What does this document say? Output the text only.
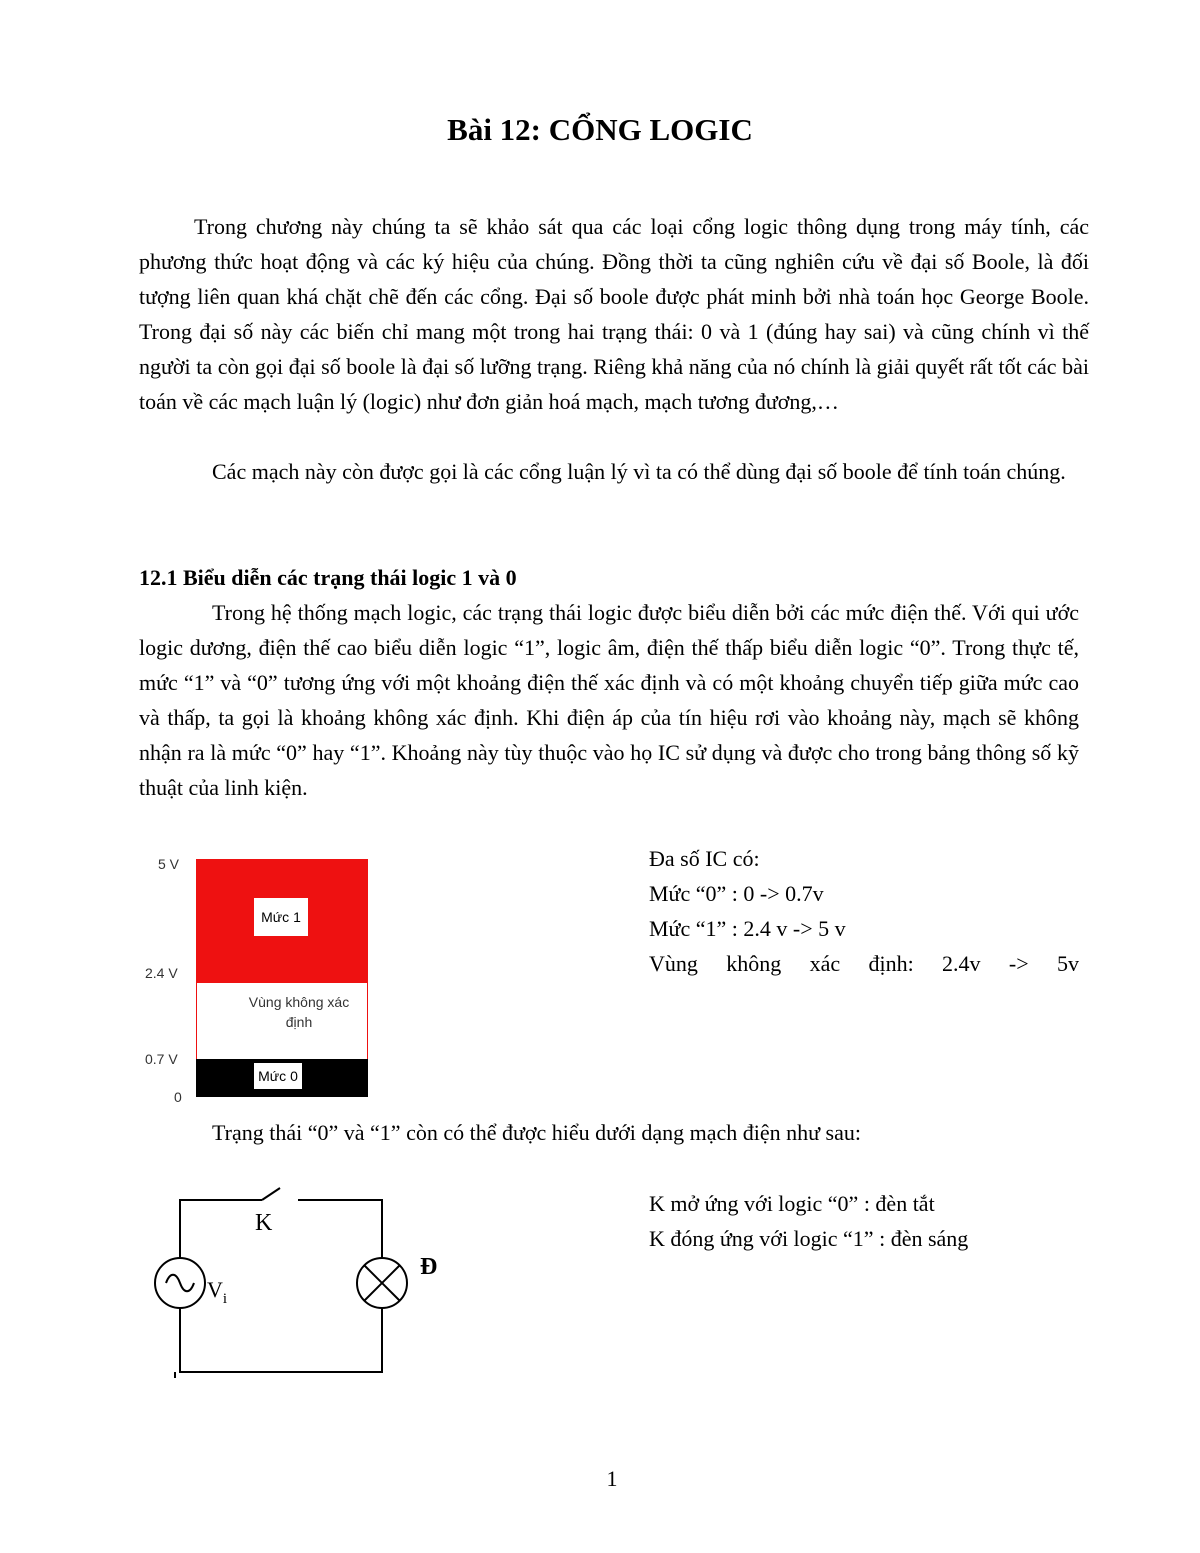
Bài 12: CỔNG LOGIC

Trong chương này chúng ta sẽ khảo sát qua các loại cổng logic thông dụng trong máy tính, các phương thức hoạt động và các ký hiệu của chúng. Đồng thời ta cũng nghiên cứu về đại số Boole, là đối tượng liên quan khá chặt chẽ đến các cổng. Đại số boole được phát minh bởi nhà toán học George Boole. Trong đại số này các biến chỉ mang một trong hai trạng thái: 0 và 1 (đúng hay sai) và cũng chính vì thế người ta còn gọi đại số boole là đại số lưỡng trạng. Riêng khả năng của nó chính là giải quyết rất tốt các bài toán về các mạch luận lý (logic) như đơn giản hoá mạch, mạch tương đương,…

Các mạch này còn được gọi là các cổng luận lý vì ta có thể dùng đại số boole để tính toán chúng.

12.1 Biểu diễn các trạng thái logic 1 và 0

Trong hệ thống mạch logic, các trạng thái logic được biểu diễn bởi các mức điện thế. Với qui ước logic dương, điện thế cao biểu diễn logic “1”, logic âm, điện thế thấp biểu diễn logic “0”. Trong thực tế, mức “1” và “0” tương ứng với một khoảng điện thế xác định và có một khoảng chuyển tiếp giữa mức cao và thấp, ta gọi là khoảng không xác định. Khi điện áp của tín hiệu rơi vào khoảng này, mạch sẽ không nhận ra là mức “0” hay “1”. Khoảng này tùy thuộc vào họ IC sử dụng và được cho trong bảng thông số kỹ thuật của linh kiện.

5 V
2.4 V
0.7 V
0
Mức 1
Vùng không xác
định
Mức 0
Đa số IC có:
Mức “0” : 0 -> 0.7v
Mức “1” : 2.4 v -> 5 v
Vùng không xác định: 2.4v -> 5v
Trạng thái “0” và “1” còn có thể được hiểu dưới dạng mạch điện như sau:
K
$V_i$
Đ
K mở ứng với logic “0” : đèn tắt
K đóng ứng với logic “1” : đèn sáng
1
